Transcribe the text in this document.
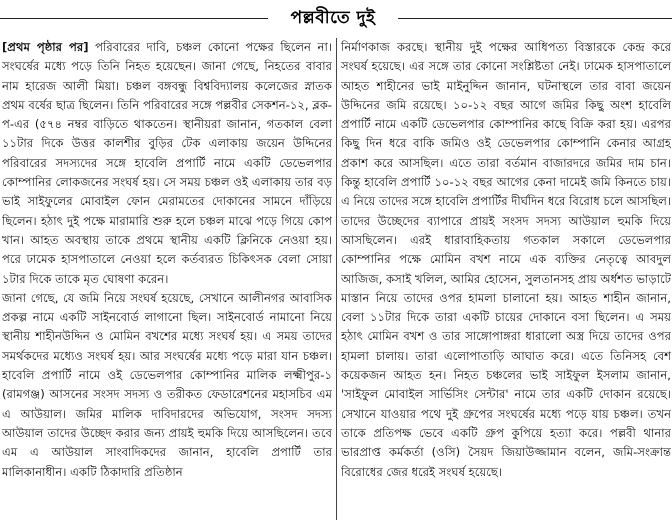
পল্লবীতে দুই

[প্রথম পৃষ্ঠার পর] পরিবারের দাবি, চঞ্চল কোনো পক্ষের ছিলেন না। সংঘর্ষের মধ্যে পড়ে তিনি নিহত হয়েছেন। জানা গেছে, নিহতের বাবার নাম হারেজ আলী মিয়া। চঞ্চল বঙ্গবন্ধু বিশ্ববিদ্যালয় কলেজের স্নাতক প্রথম বর্ষের ছাত্র ছিলেন। তিনি পরিবারের সঙ্গে পল্লবীর সেকশন-১২, ব্লক-প-এর (৫৭৪ নম্বর বাড়িতে থাকতেন। স্থানীয়রা জানান, গতকাল বেলা ১১টার দিকে উত্তর কালশীর বুড়ির টেক এলাকায় জয়েন উদ্দিনের পরিবারের সদস্যদের সঙ্গে হাবেলি প্রপার্টি নামে একটি ডেভেলপার কোম্পানির লোকজনের সংঘর্ষ হয়। সে সময় চঞ্চল ওই এলাকায় তার বড় ভাই সাইফুলের মোবাইল ফোন মেরামতের দোকানের সামনে দাঁড়িয়ে ছিলেন। হঠাৎ দুই পক্ষে মারামারি শুরু হলে চঞ্চল মাঝে পড়ে গিয়ে কোপ খান। আহত অবস্থায় তাকে প্রথমে স্থানীয় একটি ক্লিনিকে নেওয়া হয়। পরে ঢামেক হাসপাতালে নেওয়া হলে কর্তব্যরত চিকিৎসক বেলা সোয়া ১টার দিকে তাকে মৃত ঘোষণা করেন।

জানা গেছে, যে জমি নিয়ে সংঘর্ষ হয়েছে, সেখানে আলীনগর আবাসিক প্রকল্প নামে একটি সাইনবোর্ড লাগানো ছিল। সাইনবোর্ড নামানো নিয়ে স্থানীয় শাহীনউদ্দিন ও মোমিন বখশের মধ্যে সংঘর্ষ হয়। এ সময় তাদের সমর্থকদের মধ্যেও সংঘর্ষ হয়। আর সংঘর্ষের মধ্যে পড়ে মারা যান চঞ্চল। হাবেলি প্রপার্টি নামে ওই ডেভেলপার কোম্পানির মালিক লক্ষ্মীপুর-১ (রামগঞ্জ) আসনের সংসদ সদস্য ও তরীকত ফেডারেশনের মহাসচিব এম এ আউয়াল। জমির মালিক দাবিদারদের অভিযোগ, সংসদ সদস্য আউয়াল তাদের উচ্ছেদ করার জন্য প্রায়ই হুমকি দিয়ে আসছিলেন। তবে এম এ আউয়াল সাংবাদিকদের জানান, হাবেলি প্রপার্টি তার মালিকানাধীন। একটি ঠিকাদারি প্রতিষ্ঠান

নির্মাণকাজ করছে। স্থানীয় দুই পক্ষের আধিপত্য বিস্তারকে কেন্দ্র করে সংঘর্ষ হয়েছে। এর সঙ্গে তার কোনো সংশ্লিষ্টতা নেই। ঢামেক হাসপাতালে আহত শাহীনের ভাই মাইনুদ্দিন জানান, ঘটনাস্থলে তার বাবা জয়েন উদ্দিনের জমি রয়েছে। ১০-১২ বছর আগে জমির কিছু অংশ হাবেলি প্রপার্টি নামে একটি ডেভেলপার কোম্পানির কাছে বিক্রি করা হয়। এরপর কিছু দিন ধরে বাকি জমিও ওই ডেভেলপার কোম্পানি কেনার আগ্রহ প্রকাশ করে আসছিল। এতে তারা বর্তমান বাজারদরে জমির দাম চান। কিন্তু হাবেলি প্রপার্টি ১০-১২ বছর আগের কেনা দামেই জমি কিনতে চায়। এ নিয়ে তাদের সঙ্গে হাবেলি প্রপার্টির দীর্ঘদিন ধরে বিরোধ চলে আসছিল। তাদের উচ্ছেদের ব্যাপারে প্রায়ই সংসদ সদস্য আউয়াল হুমকি দিয়ে আসছিলেন। এরই ধারাবাহিকতায় গতকাল সকালে ডেভেলপার কোম্পানির পক্ষে মোমিন বখশ নামে এক ব্যক্তির নেতৃত্বে আবদুল আজিজ, কসাই খলিল, আমির হোসেন, সুলতানসহ প্রায় অর্ধশত ভাড়াটে মাস্তান নিয়ে তাদের ওপর হামলা চালানো হয়। আহত শাহীন জানান, বেলা ১১টার দিকে তারা একটি চায়ের দোকানে বসা ছিলেন। এ সময় হঠাৎ মোমিন বখশ ও তার সাঙ্গোপাঙ্গরা ধারালো অস্ত্র দিয়ে তাদের ওপর হামলা চালায়। তারা এলোপাতাড়ি আঘাত করে। এতে তিনিসহ বেশ কয়েকজন আহত হন। নিহত চঞ্চলের ভাই সাইফুল ইসলাম জানান, 'সাইফুল মোবাইল সার্ভিসিং সেন্টার' নামে তার একটি দোকান রয়েছে। সেখানে যাওয়ার পথে দুই গ্রুপের সংঘর্ষের মধ্যে পড়ে যায় চঞ্চল। তখন তাকে প্রতিপক্ষ ভেবে একটি গ্রুপ কুপিয়ে হত্যা করে। পল্লবী থানার ভারপ্রাপ্ত কর্মকর্তা (ওসি) সৈয়দ জিয়াউজ্জামান বলেন, জমি-সংক্রান্ত বিরোধের জের ধরেই সংঘর্ষ হয়েছে।
